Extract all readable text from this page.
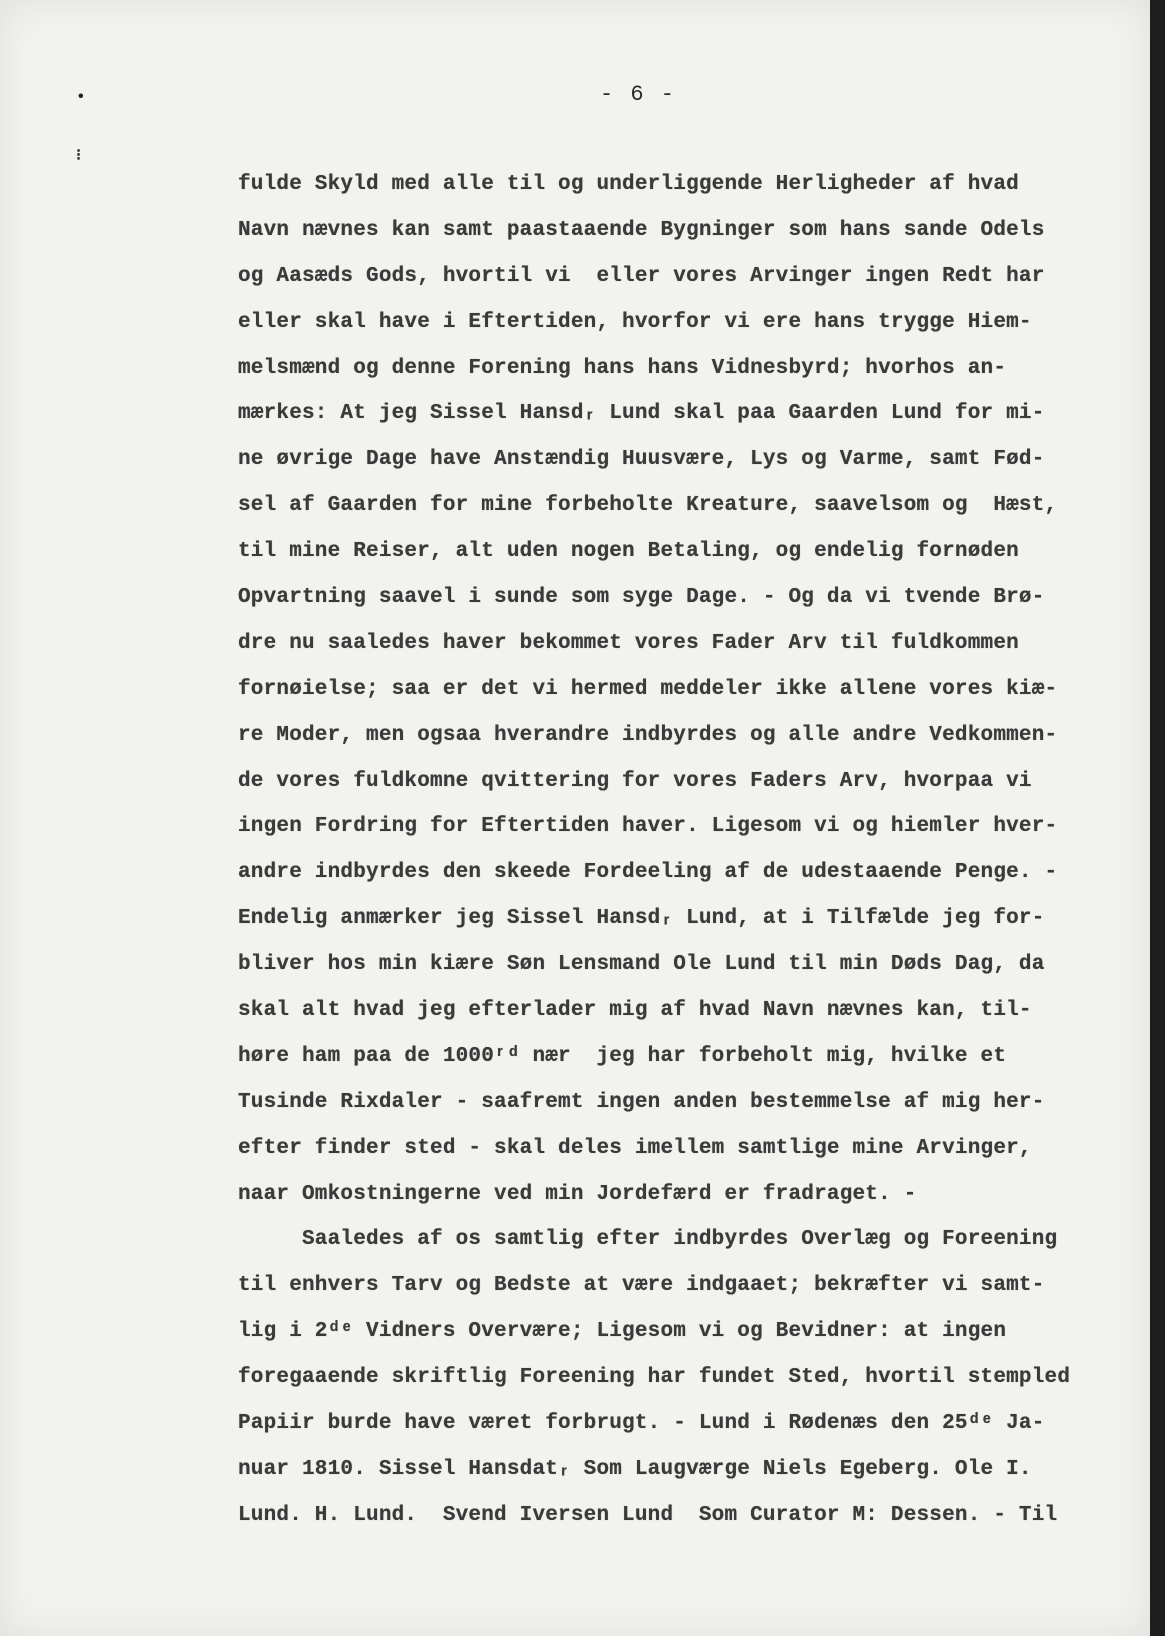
•
⁝
- 6 -
fulde Skyld med alle til og underliggende Herligheder af hvad
Navn nævnes kan samt paastaaende Bygninger som hans sande Odels
og Aasæds Gods, hvortil vi  eller vores Arvinger ingen Redt har
eller skal have i Eftertiden, hvorfor vi ere hans trygge Hiem-
melsmænd og denne Forening hans hans Vidnesbyrd; hvorhos an-
mærkes: At jeg Sissel Hansdᵣ Lund skal paa Gaarden Lund for mi-
ne øvrige Dage have Anstændig Huusvære, Lys og Varme, samt Fød-
sel af Gaarden for mine forbeholte Kreature, saavelsom og  Hæst,
til mine Reiser, alt uden nogen Betaling, og endelig fornøden
Opvartning saavel i sunde som syge Dage. - Og da vi tvende Brø-
dre nu saaledes haver bekommet vores Fader Arv til fuldkommen
fornøielse; saa er det vi hermed meddeler ikke allene vores kiæ-
re Moder, men ogsaa hverandre indbyrdes og alle andre Vedkommen-
de vores fuldkomne qvittering for vores Faders Arv, hvorpaa vi
ingen Fordring for Eftertiden haver. Ligesom vi og hiemler hver-
andre indbyrdes den skeede Fordeeling af de udestaaende Penge. -
Endelig anmærker jeg Sissel Hansdᵣ Lund, at i Tilfælde jeg for-
bliver hos min kiære Søn Lensmand Ole Lund til min Døds Dag, da
skal alt hvad jeg efterlader mig af hvad Navn nævnes kan, til-
høre ham paa de 1000ʳᵈ nær  jeg har forbeholt mig, hvilke et
Tusinde Rixdaler - saafremt ingen anden bestemmelse af mig her-
efter finder sted - skal deles imellem samtlige mine Arvinger,
naar Omkostningerne ved min Jordefærd er fradraget. -
Saaledes af os samtlig efter indbyrdes Overlæg og Foreening
til enhvers Tarv og Bedste at være indgaaet; bekræfter vi samt-
lig i 2ᵈᵉ Vidners Overvære; Ligesom vi og Bevidner: at ingen
foregaaende skriftlig Foreening har fundet Sted, hvortil stempled
Papiir burde have været forbrugt. - Lund i Rødenæs den 25ᵈᵉ Ja-
nuar 1810. Sissel Hansdatᵣ Som Laugværge Niels Egeberg. Ole I.
Lund. H. Lund.  Svend Iversen Lund  Som Curator M: Dessen. - Til
